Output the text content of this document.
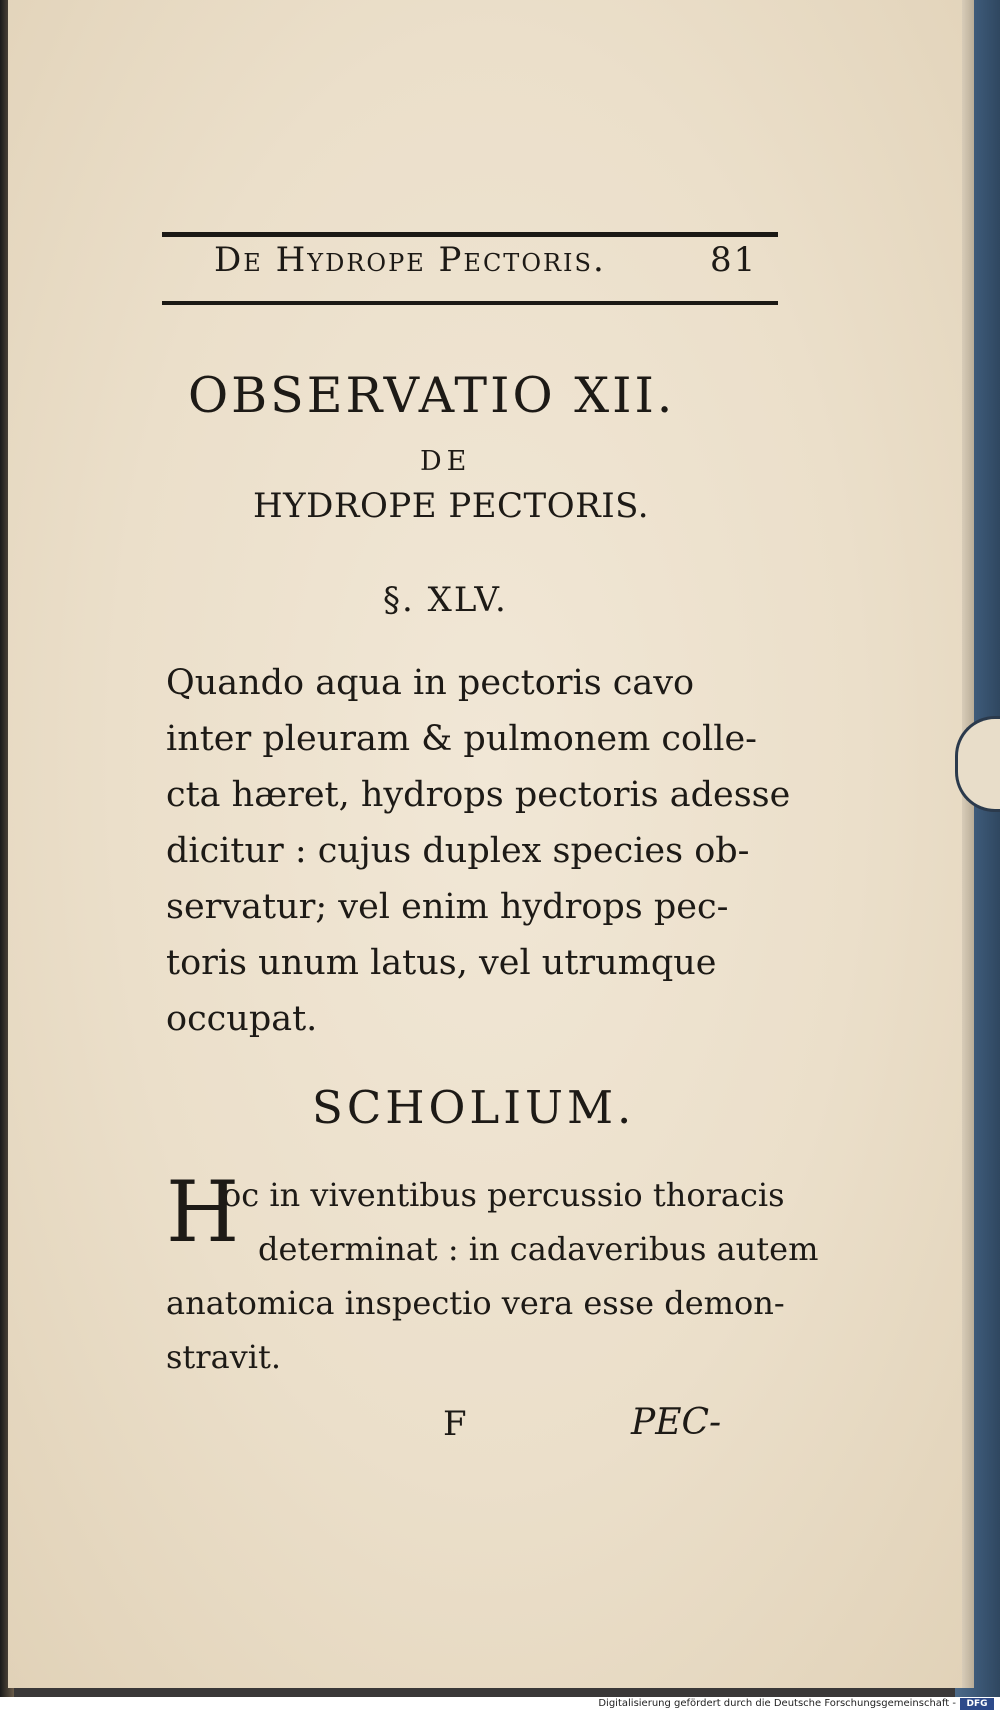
De Hydrope Pectoris.	81
OBSERVATIO XII.
DE
HYDROPE PECTORIS.
§. XLV.
Quando aqua in pectoris cavo
inter pleuram & pulmonem colle-
cta hæret, hydrops pectoris adesse
dicitur : cujus duplex species ob-
servatur; vel enim hydrops pec-
toris unum latus, vel utrumque
occupat.
SCHOLIUM.
H
oc in viventibus percussio thoracis
determinat : in cadaveribus autem
anatomica inspectio vera esse demon-
stravit.
F	PEC-
Digitalisierung gefördert durch die Deutsche Forschungsgemeinschaft -	DFG
